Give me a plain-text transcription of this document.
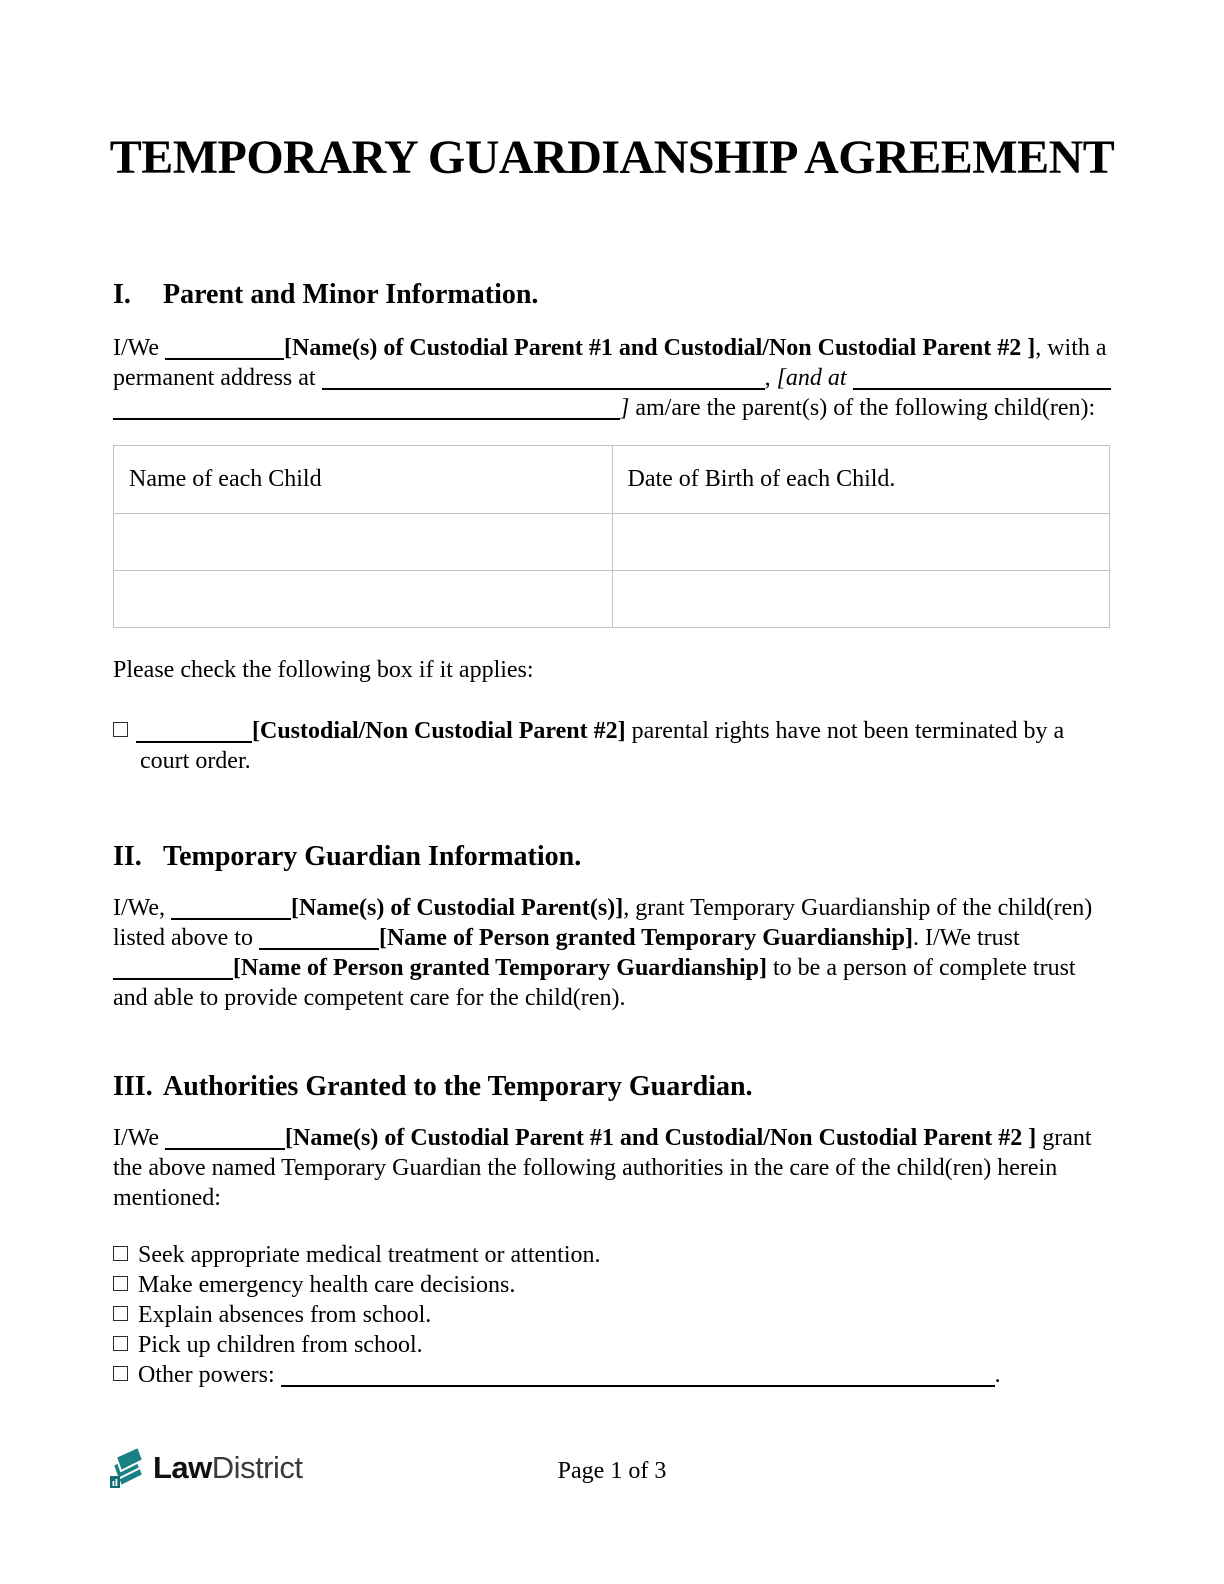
TEMPORARY GUARDIANSHIP AGREEMENT
I.	Parent and Minor Information.
I/We	[Name(s) of Custodial Parent #1 and Custodial/Non Custodial Parent #2 ] , with a
permanent address at	, [and at
] am/are the parent(s) of the following child(ren):
Name of each Child	Date of Birth of each Child.
Please check the following box if it applies:
[Custodial/Non Custodial Parent #2] parental rights have not been terminated by a
court order.
II. Temporary Guardian Information.
I/We,	[Name(s) of Custodial Parent(s)] , grant Temporary Guardianship of the child(ren)
listed above to	[Name of Person granted Temporary Guardianship] . I/We trust
[Name of Person granted Temporary Guardianship] to be a person of complete trust
and able to provide competent care for the child(ren).
III. Authorities Granted to the Temporary Guardian.
I/We	[Name(s) of Custodial Parent #1 and Custodial/Non Custodial Parent #2 ] grant
the above named Temporary Guardian the following authorities in the care of the child(ren) herein
mentioned:
Seek appropriate medical treatment or attention.
Make emergency health care decisions.
Explain absences from school.
Pick up children from school.
Other powers:	.
LawDistrict	Page 1 of 3
